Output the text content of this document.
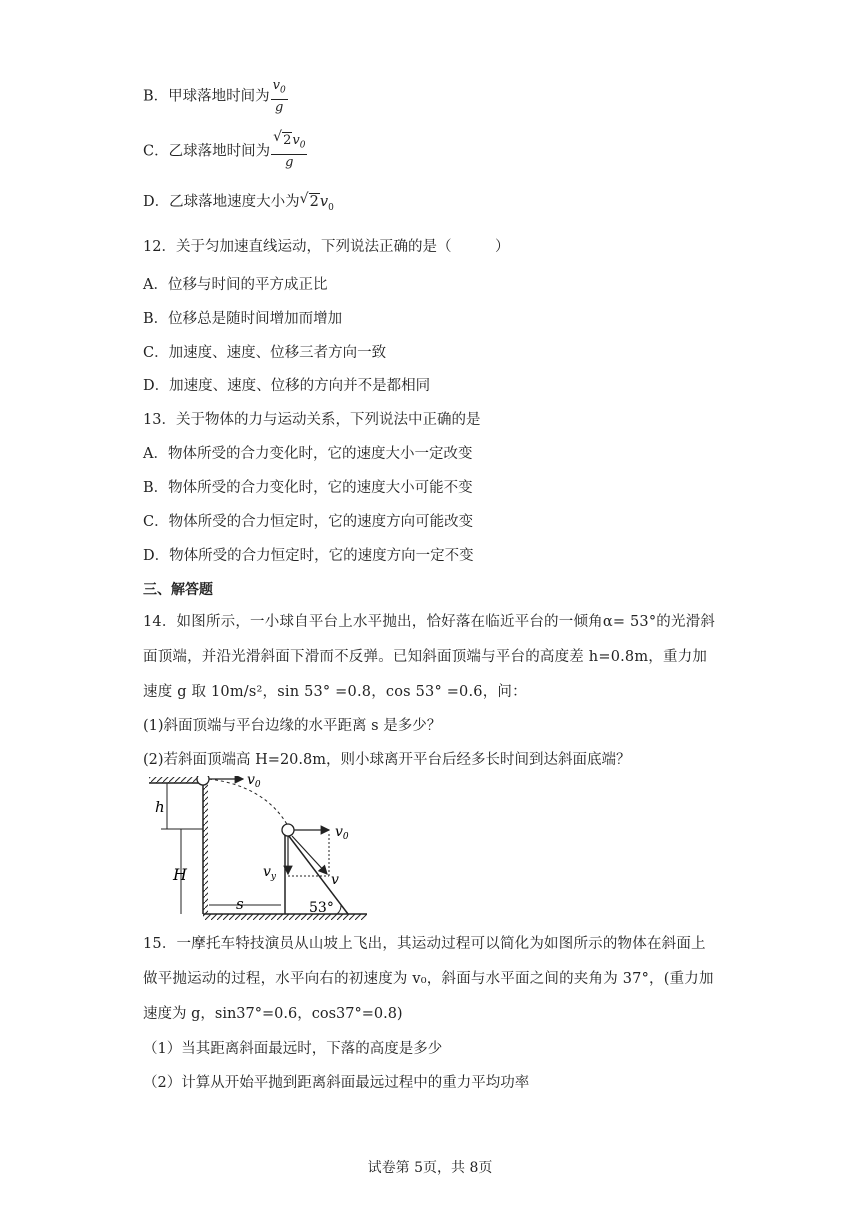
B．甲球落地时间为 $\frac{v_0}{g}$
C．乙球落地时间为 $\frac{√ 2v_0}{g}$
D．乙球落地速度大小为 √ $2v_0$
12．关于匀加速直线运动，下列说法正确的是（　　　）
A．位移与时间的平方成正比
B．位移总是随时间增加而增加
C．加速度、速度、位移三者方向一致
D．加速度、速度、位移的方向并不是都相同
13．关于物体的力与运动关系，下列说法中正确的是
A．物体所受的合力变化时，它的速度大小一定改变
B．物体所受的合力变化时，它的速度大小可能不变
C．物体所受的合力恒定时，它的速度方向可能改变
D．物体所受的合力恒定时，它的速度方向一定不变
三、解答题
14．如图所示，一小球自平台上水平抛出，恰好落在临近平台的一倾角α= 53°的光滑斜
面顶端，并沿光滑斜面下滑而不反弹。已知斜面顶端与平台的高度差 h=0.8m，重力加
速度 g 取 10m/s²，sin 53° =0.8，cos 53° =0.6，问：
(1)斜面顶端与平台边缘的水平距离 s 是多少？
(2)若斜面顶端高 H=20.8m，则小球离开平台后经多长时间到达斜面底端？
$v_0$
h
H
s	53°
$v_0$
$v_y$	v
15．一摩托车特技演员从山坡上飞出，其运动过程可以简化为如图所示的物体在斜面上
做平抛运动的过程，水平向右的初速度为 v₀，斜面与水平面之间的夹角为 37°，(重力加
速度为 g，sin37°=0.6，cos37°=0.8)
（1）当其距离斜面最远时，下落的高度是多少
（2）计算从开始平抛到距离斜面最远过程中的重力平均功率
试卷第 5页，共 8页
